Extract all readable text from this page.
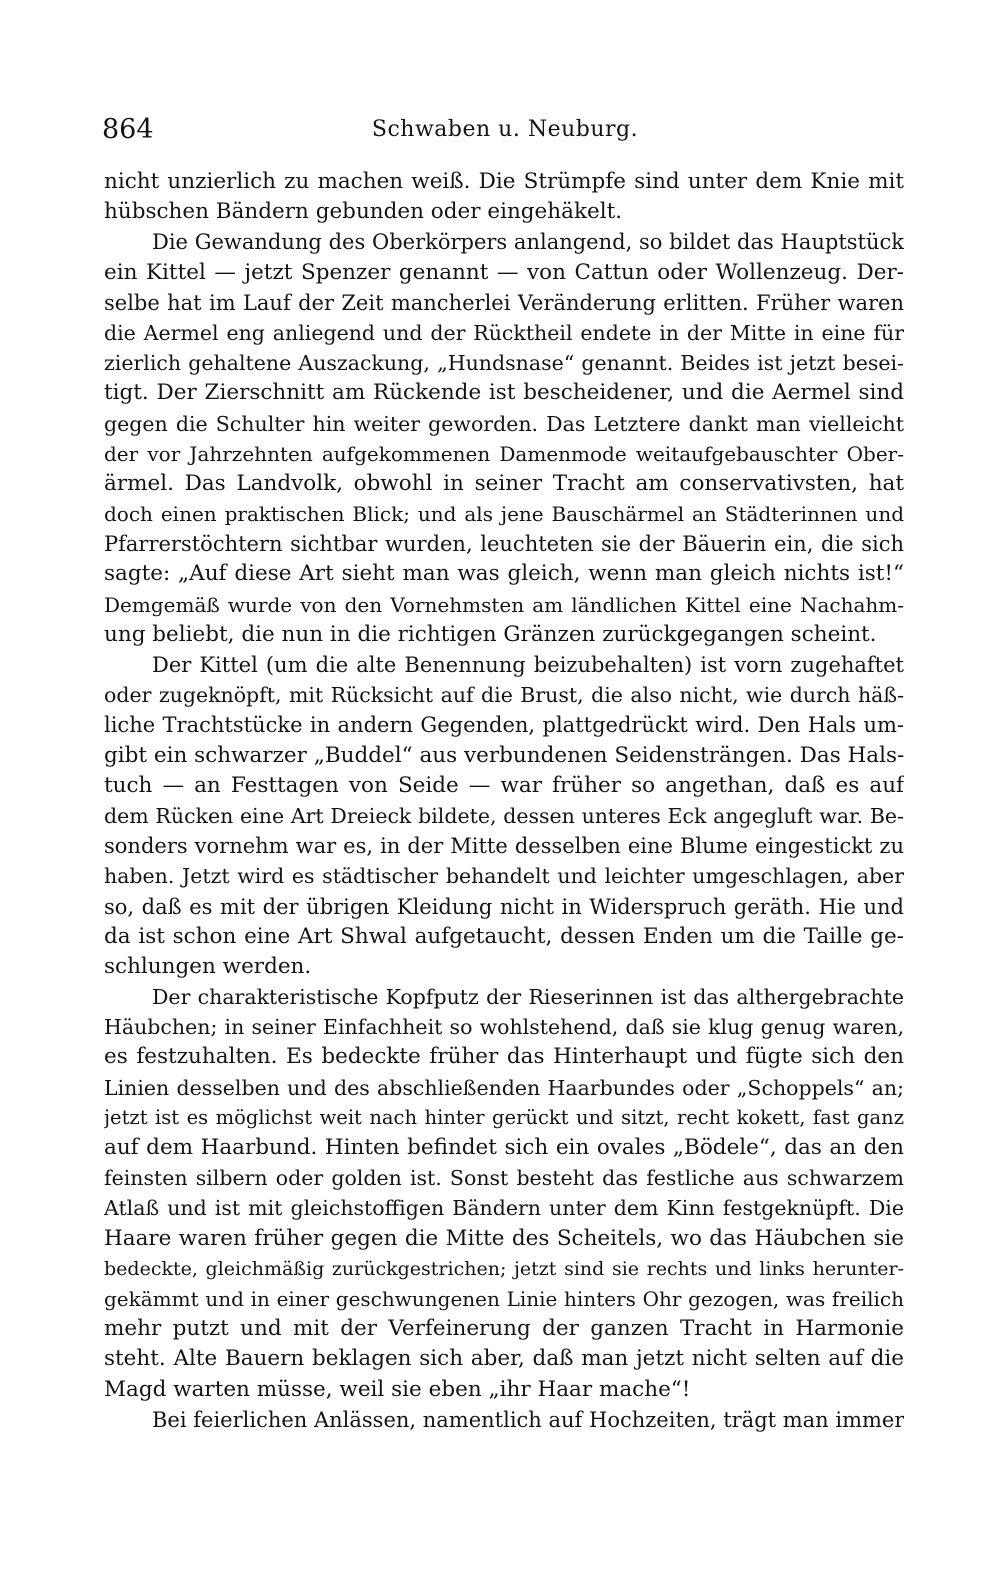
864	Schwaben u. Neuburg.
nicht unzierlich zu machen weiß. Die Strümpfe sind unter dem Knie mit
hübschen Bändern gebunden oder eingehäkelt.
Die Gewandung des Oberkörpers anlangend, so bildet das Hauptstück
ein Kittel — jetzt Spenzer genannt — von Cattun oder Wollenzeug. Der-
selbe hat im Lauf der Zeit mancherlei Veränderung erlitten. Früher waren
die Aermel eng anliegend und der Rücktheil endete in der Mitte in eine für
zierlich gehaltene Auszackung, „Hundsnase“ genannt. Beides ist jetzt besei-
tigt. Der Zierschnitt am Rückende ist bescheidener, und die Aermel sind
gegen die Schulter hin weiter geworden. Das Letztere dankt man vielleicht
der vor Jahrzehnten aufgekommenen Damenmode weitaufgebauschter Ober-
ärmel. Das Landvolk, obwohl in seiner Tracht am conservativsten, hat
doch einen praktischen Blick; und als jene Bauschärmel an Städterinnen und
Pfarrerstöchtern sichtbar wurden, leuchteten sie der Bäuerin ein, die sich
sagte: „Auf diese Art sieht man was gleich, wenn man gleich nichts ist!“
Demgemäß wurde von den Vornehmsten am ländlichen Kittel eine Nachahm-
ung beliebt, die nun in die richtigen Gränzen zurückgegangen scheint.
Der Kittel (um die alte Benennung beizubehalten) ist vorn zugehaftet
oder zugeknöpft, mit Rücksicht auf die Brust, die also nicht, wie durch häß-
liche Trachtstücke in andern Gegenden, plattgedrückt wird. Den Hals um-
gibt ein schwarzer „Buddel“ aus verbundenen Seidensträngen. Das Hals-
tuch — an Festtagen von Seide — war früher so angethan, daß es auf
dem Rücken eine Art Dreieck bildete, dessen unteres Eck angegluft war. Be-
sonders vornehm war es, in der Mitte desselben eine Blume eingestickt zu
haben. Jetzt wird es städtischer behandelt und leichter umgeschlagen, aber
so, daß es mit der übrigen Kleidung nicht in Widerspruch geräth. Hie und
da ist schon eine Art Shwal aufgetaucht, dessen Enden um die Taille ge-
schlungen werden.
Der charakteristische Kopfputz der Rieserinnen ist das althergebrachte
Häubchen; in seiner Einfachheit so wohlstehend, daß sie klug genug waren,
es festzuhalten. Es bedeckte früher das Hinterhaupt und fügte sich den
Linien desselben und des abschließenden Haarbundes oder „Schoppels“ an;
jetzt ist es möglichst weit nach hinter gerückt und sitzt, recht kokett, fast ganz
auf dem Haarbund. Hinten befindet sich ein ovales „Bödele“, das an den
feinsten silbern oder golden ist. Sonst besteht das festliche aus schwarzem
Atlaß und ist mit gleichstoffigen Bändern unter dem Kinn festgeknüpft. Die
Haare waren früher gegen die Mitte des Scheitels, wo das Häubchen sie
bedeckte, gleichmäßig zurückgestrichen; jetzt sind sie rechts und links herunter-
gekämmt und in einer geschwungenen Linie hinters Ohr gezogen, was freilich
mehr putzt und mit der Verfeinerung der ganzen Tracht in Harmonie
steht. Alte Bauern beklagen sich aber, daß man jetzt nicht selten auf die
Magd warten müsse, weil sie eben „ihr Haar mache“!
Bei feierlichen Anlässen, namentlich auf Hochzeiten, trägt man immer
